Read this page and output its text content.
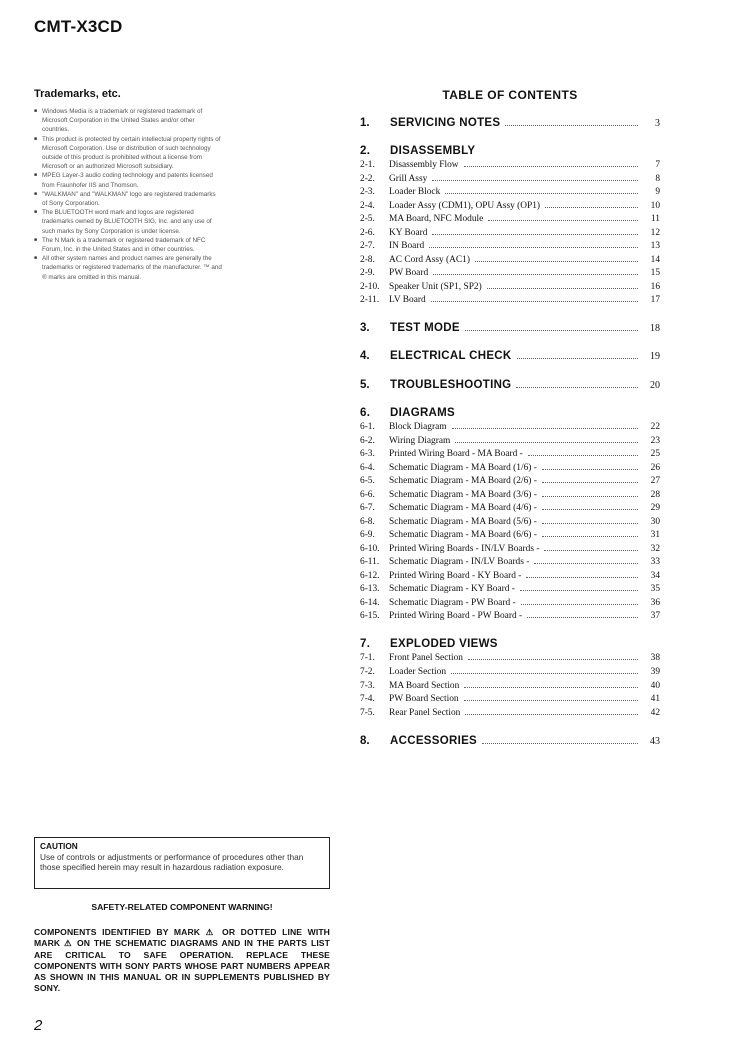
CMT-X3CD
Trademarks, etc.
■ Windows Media is a trademark or registered trademark of Microsoft Corporation in the United States and/or other countries.
■ This product is protected by certain intellectual property rights of Microsoft Corporation. Use or distribution of such technology outside of this product is prohibited without a license from Microsoft or an authorized Microsoft subsidiary.
■ MPEG Layer-3 audio coding technology and patents licensed from Fraunhofer IIS and Thomson.
■ "WALKMAN" and "WALKMAN" logo are registered trademarks of Sony Corporation.
■ The BLUETOOTH word mark and logos are registered trademarks owned by BLUETOOTH SIG, Inc. and any use of such marks by Sony Corporation is under license.
■ The N Mark is a trademark or registered trademark of NFC Forum, Inc. in the United States and in other countries.
■ All other system names and product names are generally the trademarks or registered trademarks of the manufacturer. ™ and ® marks are omitted in this manual.
TABLE OF CONTENTS
1.	SERVICING NOTES	3
2.	DISASSEMBLY
2-1.	Disassembly Flow	7
2-2.	Grill Assy	8
2-3.	Loader Block	9
2-4.	Loader Assy (CDM1), OPU Assy (OP1)	10
2-5.	MA Board, NFC Module	11
2-6.	KY Board	12
2-7.	IN Board	13
2-8.	AC Cord Assy (AC1)	14
2-9.	PW Board	15
2-10.	Speaker Unit (SP1, SP2)	16
2-11.	LV Board	17
3.	TEST MODE	18
4.	ELECTRICAL CHECK	19
5.	TROUBLESHOOTING	20
6.	DIAGRAMS
6-1.	Block Diagram	22
6-2.	Wiring Diagram	23
6-3.	Printed Wiring Board - MA Board -	25
6-4.	Schematic Diagram - MA Board (1/6) -	26
6-5.	Schematic Diagram - MA Board (2/6) -	27
6-6.	Schematic Diagram - MA Board (3/6) -	28
6-7.	Schematic Diagram - MA Board (4/6) -	29
6-8.	Schematic Diagram - MA Board (5/6) -	30
6-9.	Schematic Diagram - MA Board (6/6) -	31
6-10.	Printed Wiring Boards - IN/LV Boards -	32
6-11.	Schematic Diagram - IN/LV Boards -	33
6-12.	Printed Wiring Board - KY Board -	34
6-13.	Schematic Diagram - KY Board -	35
6-14.	Schematic Diagram - PW Board -	36
6-15.	Printed Wiring Board - PW Board -	37
7.	EXPLODED VIEWS
7-1.	Front Panel Section	38
7-2.	Loader Section	39
7-3.	MA Board Section	40
7-4.	PW Board Section	41
7-5.	Rear Panel Section	42
8.	ACCESSORIES	43
CAUTION
Use of controls or adjustments or performance of procedures other than those specified herein may result in hazardous radiation exposure.
SAFETY-RELATED COMPONENT WARNING!
COMPONENTS IDENTIFIED BY MARK ⚠ OR DOTTED LINE WITH MARK ⚠ ON THE SCHEMATIC DIAGRAMS AND IN THE PARTS LIST ARE CRITICAL TO SAFE OPERATION. REPLACE THESE COMPONENTS WITH SONY PARTS WHOSE PART NUMBERS APPEAR AS SHOWN IN THIS MANUAL OR IN SUPPLEMENTS PUBLISHED BY SONY.
2
